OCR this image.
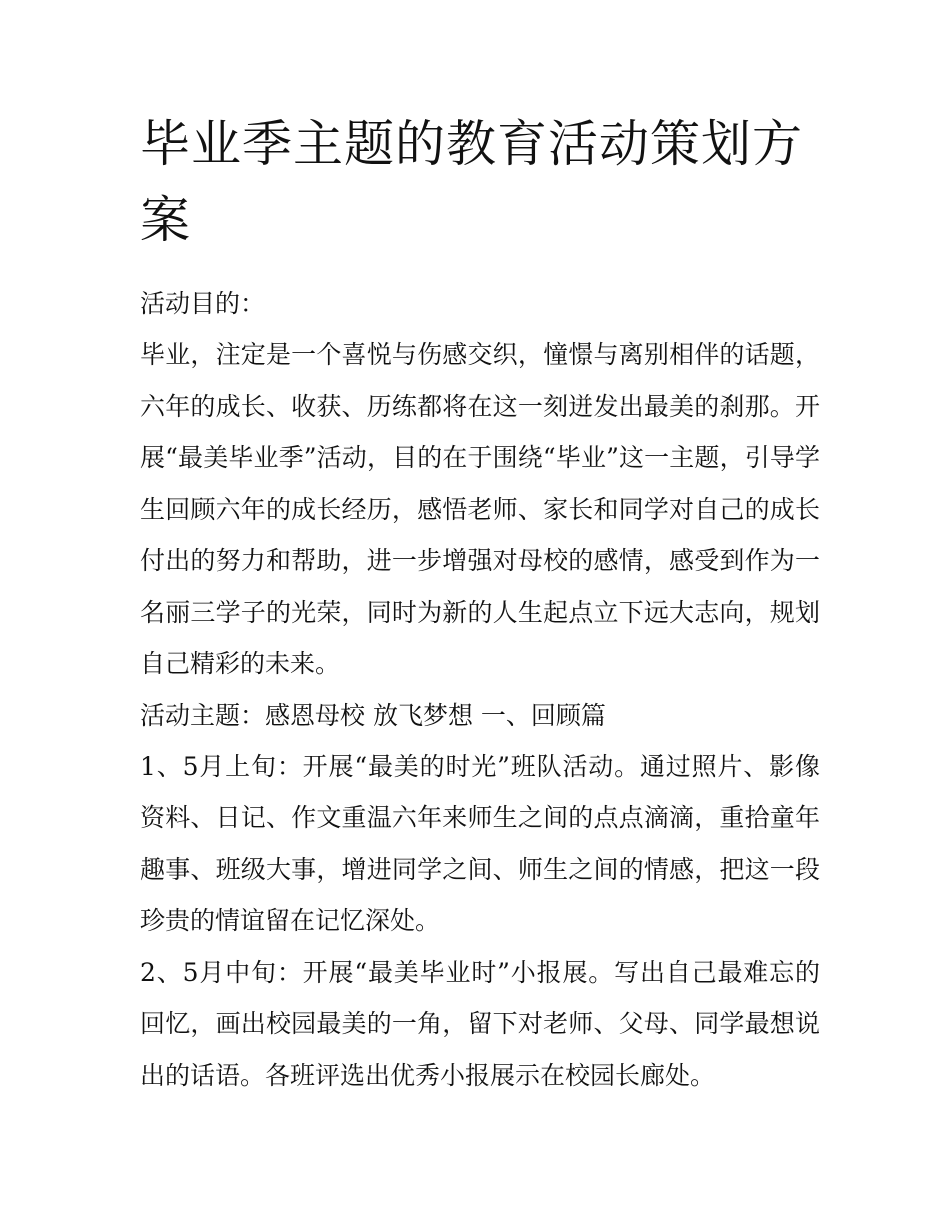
毕业季主题的教育活动策划方案

活动目的：

毕业，注定是一个喜悦与伤感交织，憧憬与离别相伴的话题，六年的成长、收获、历练都将在这一刻迸发出最美的刹那。开展“最美毕业季”活动，目的在于围绕“毕业”这一主题，引导学生回顾六年的成长经历，感悟老师、家长和同学对自己的成长付出的努力和帮助，进一步增强对母校的感情，感受到作为一名丽三学子的光荣，同时为新的人生起点立下远大志向，规划自己精彩的未来。

活动主题：感恩母校 放飞梦想 一、回顾篇

1、5月上旬：开展“最美的时光”班队活动。通过照片、影像资料、日记、作文重温六年来师生之间的点点滴滴，重拾童年趣事、班级大事，增进同学之间、师生之间的情感，把这一段珍贵的情谊留在记忆深处。

2、5月中旬：开展“最美毕业时”小报展。写出自己最难忘的回忆，画出校园最美的一角，留下对老师、父母、同学最想说出的话语。各班评选出优秀小报展示在校园长廊处。
